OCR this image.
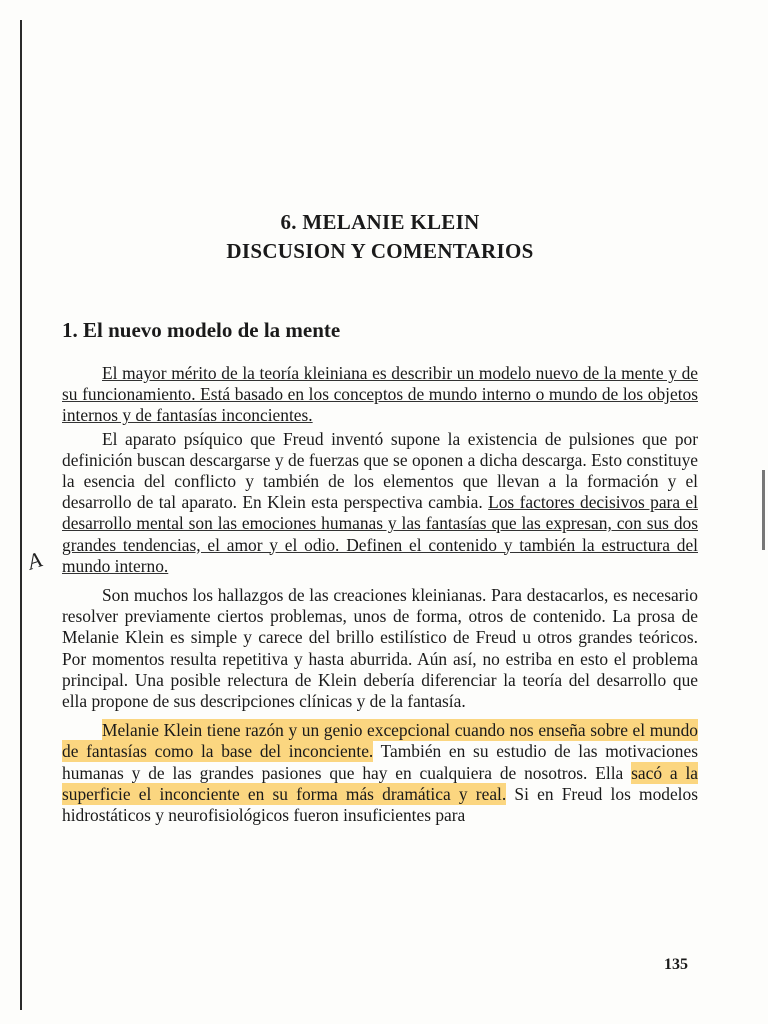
6. MELANIE KLEIN
DISCUSION Y COMENTARIOS
1. El nuevo modelo de la mente
A

El mayor mérito de la teoría kleiniana es describir un modelo nuevo de la mente y de su funcionamiento. Está basado en los conceptos de mundo interno o mundo de los objetos internos y de fantasías inconcientes.

El aparato psíquico que Freud inventó supone la existencia de pulsiones que por definición buscan descargarse y de fuerzas que se oponen a dicha descarga. Esto constituye la esencia del conflicto y también de los elementos que llevan a la formación y el desarrollo de tal aparato. En Klein esta perspectiva cambia. Los factores decisivos para el desarrollo mental son las emociones humanas y las fantasías que las expresan, con sus dos grandes tendencias, el amor y el odio. Definen el contenido y también la estructura del mundo interno.

Son muchos los hallazgos de las creaciones kleinianas. Para destacarlos, es necesario resolver previamente ciertos problemas, unos de forma, otros de contenido. La prosa de Melanie Klein es simple y carece del brillo estilístico de Freud u otros grandes teóricos. Por momentos resulta repetitiva y hasta aburrida. Aún así, no estriba en esto el problema principal. Una posible relectura de Klein debería diferenciar la teoría del desarrollo que ella propone de sus descripciones clínicas y de la fantasía.

Melanie Klein tiene razón y un genio excepcional cuando nos enseña sobre el mundo de fantasías como la base del inconciente. También en su estudio de las motivaciones humanas y de las grandes pasiones que hay en cualquiera de nosotros. Ella sacó a la superficie el inconciente en su forma más dramática y real. Si en Freud los modelos hidrostáticos y neurofisiológicos fueron insuficientes para

135
